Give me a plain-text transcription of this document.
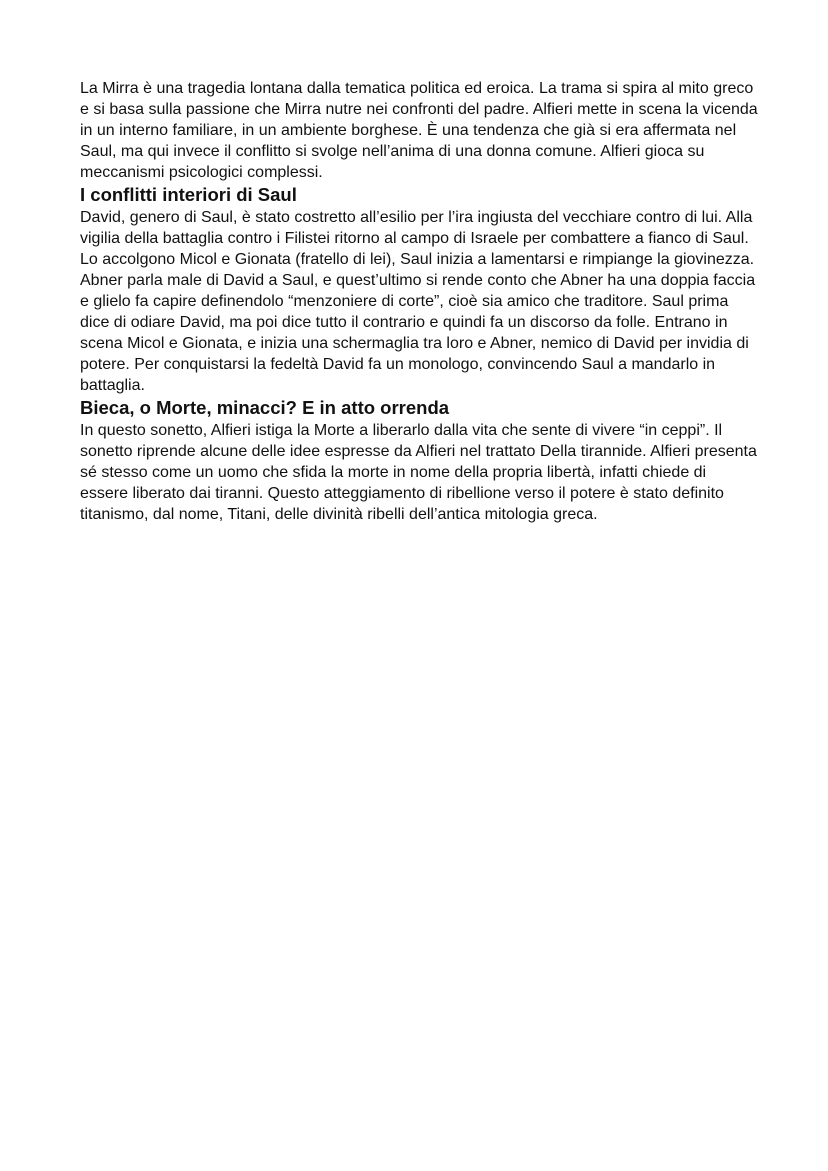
La Mirra è una tragedia lontana dalla tematica politica ed eroica. La trama si spira al mito greco e si basa sulla passione che Mirra nutre nei confronti del padre. Alfieri mette in scena la vicenda in un interno familiare, in un ambiente borghese. È una tendenza che già si era affermata nel Saul, ma qui invece il conflitto si svolge nell’anima di una donna comune. Alfieri gioca su meccanismi psicologici complessi.

I conflitti interiori di Saul

David, genero di Saul, è stato costretto all’esilio per l’ira ingiusta del vecchiare contro di lui. Alla vigilia della battaglia contro i Filistei ritorno al campo di Israele per combattere a fianco di Saul. Lo accolgono Micol e Gionata (fratello di lei), Saul inizia a lamentarsi e rimpiange la giovinezza. Abner parla male di David a Saul, e quest’ultimo si rende conto che Abner ha una doppia faccia e glielo fa capire definendolo “menzoniere di corte”, cioè sia amico che traditore. Saul prima dice di odiare David, ma poi dice tutto il contrario e quindi fa un discorso da folle. Entrano in scena Micol e Gionata, e inizia una schermaglia tra loro e Abner, nemico di David per invidia di potere. Per conquistarsi la fedeltà David fa un monologo, convincendo Saul a mandarlo in battaglia.

Bieca, o Morte, minacci? E in atto orrenda

In questo sonetto, Alfieri istiga la Morte a liberarlo dalla vita che sente di vivere “in ceppi”. Il sonetto riprende alcune delle idee espresse da Alfieri nel trattato Della tirannide. Alfieri presenta sé stesso come un uomo che sfida la morte in nome della propria libertà, infatti chiede di essere liberato dai tiranni. Questo atteggiamento di ribellione verso il potere è stato definito titanismo, dal nome, Titani, delle divinità ribelli dell’antica mitologia greca.
